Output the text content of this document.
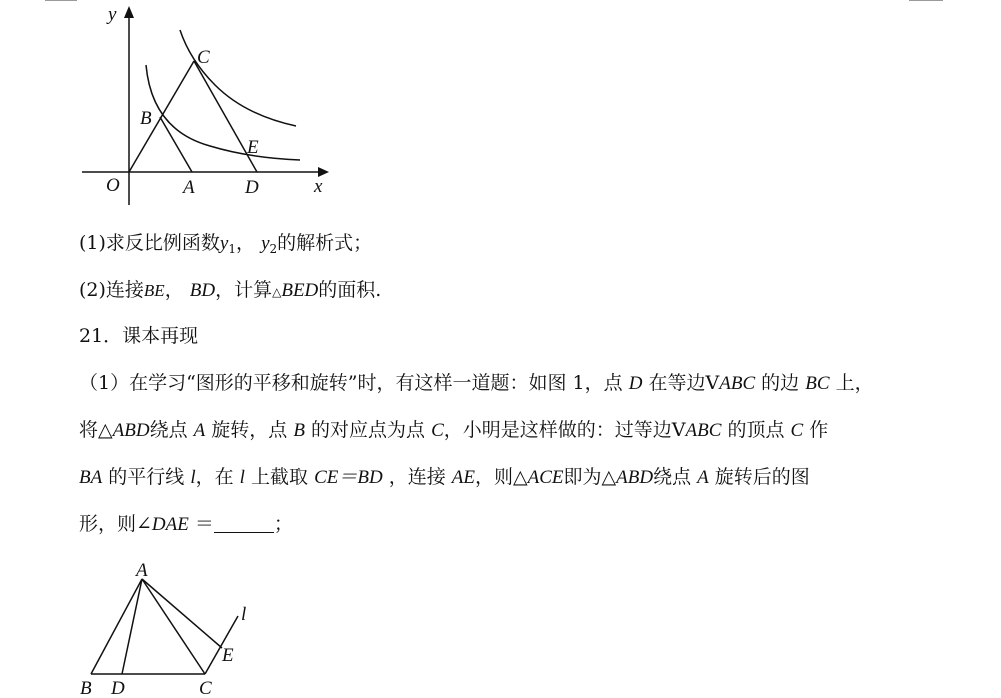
y
x
O	A	D
B
C
E
(1)求反比例函数$y_1$， $y_2$的解析式；
(2)连接BE， BD，计算△BED的面积.
21．课本再现
（1）在学习“图形的平移和旋转”时，有这样一道题：如图 1，点 D 在等边VABC 的边 BC 上，
将△ABD绕点 A 旋转，点 B 的对应点为点 C，小明是这样做的：过等边VABC 的顶点 C 作
BA 的平行线 l，在 l 上截取 CE＝BD ，连接 AE，则△ACE即为△ABD绕点 A 旋转后的图
形，则∠DAE ＝	；
A
B D	C
E
l
